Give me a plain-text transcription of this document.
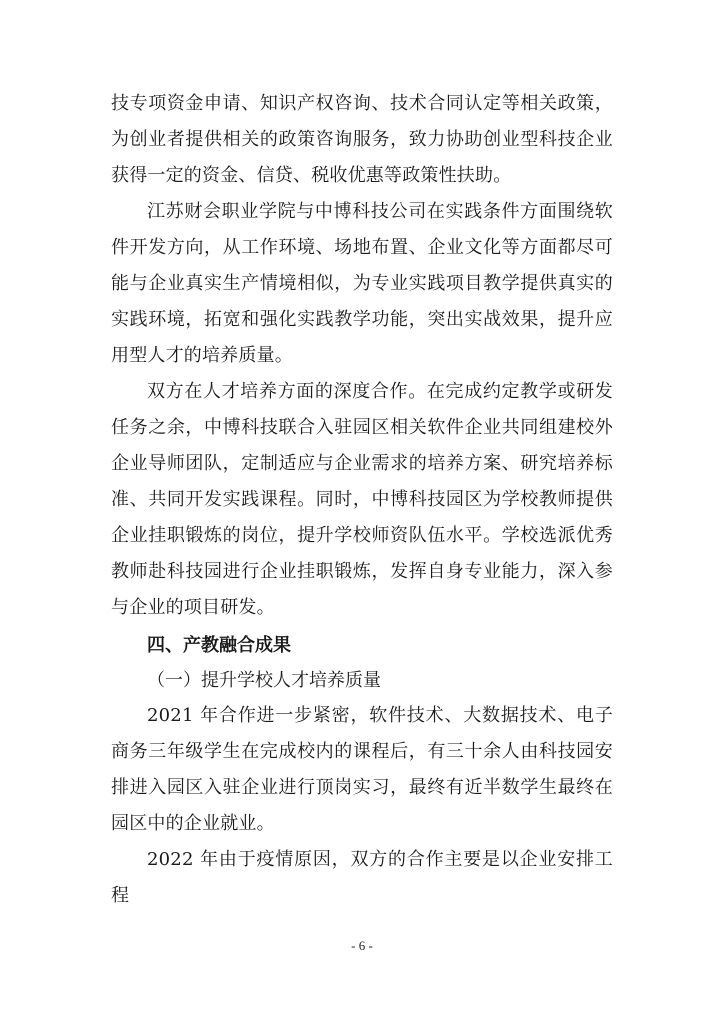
技专项资金申请、知识产权咨询、技术合同认定等相关政策，为创业者提供相关的政策咨询服务，致力协助创业型科技企业获得一定的资金、信贷、税收优惠等政策性扶助。

江苏财会职业学院与中博科技公司在实践条件方面围绕软件开发方向，从工作环境、场地布置、企业文化等方面都尽可能与企业真实生产情境相似，为专业实践项目教学提供真实的实践环境，拓宽和强化实践教学功能，突出实战效果，提升应用型人才的培养质量。

双方在人才培养方面的深度合作。在完成约定教学或研发任务之余，中博科技联合入驻园区相关软件企业共同组建校外企业导师团队，定制适应与企业需求的培养方案、研究培养标准、共同开发实践课程。同时，中博科技园区为学校教师提供企业挂职锻炼的岗位，提升学校师资队伍水平。学校选派优秀教师赴科技园进行企业挂职锻炼，发挥自身专业能力，深入参与企业的项目研发。

四、产教融合成果

（一）提升学校人才培养质量

2021 年合作进一步紧密，软件技术、大数据技术、电子商务三年级学生在完成校内的课程后，有三十余人由科技园安排进入园区入驻企业进行顶岗实习，最终有近半数学生最终在园区中的企业就业。

2022 年由于疫情原因，双方的合作主要是以企业安排工程

- 6 -
